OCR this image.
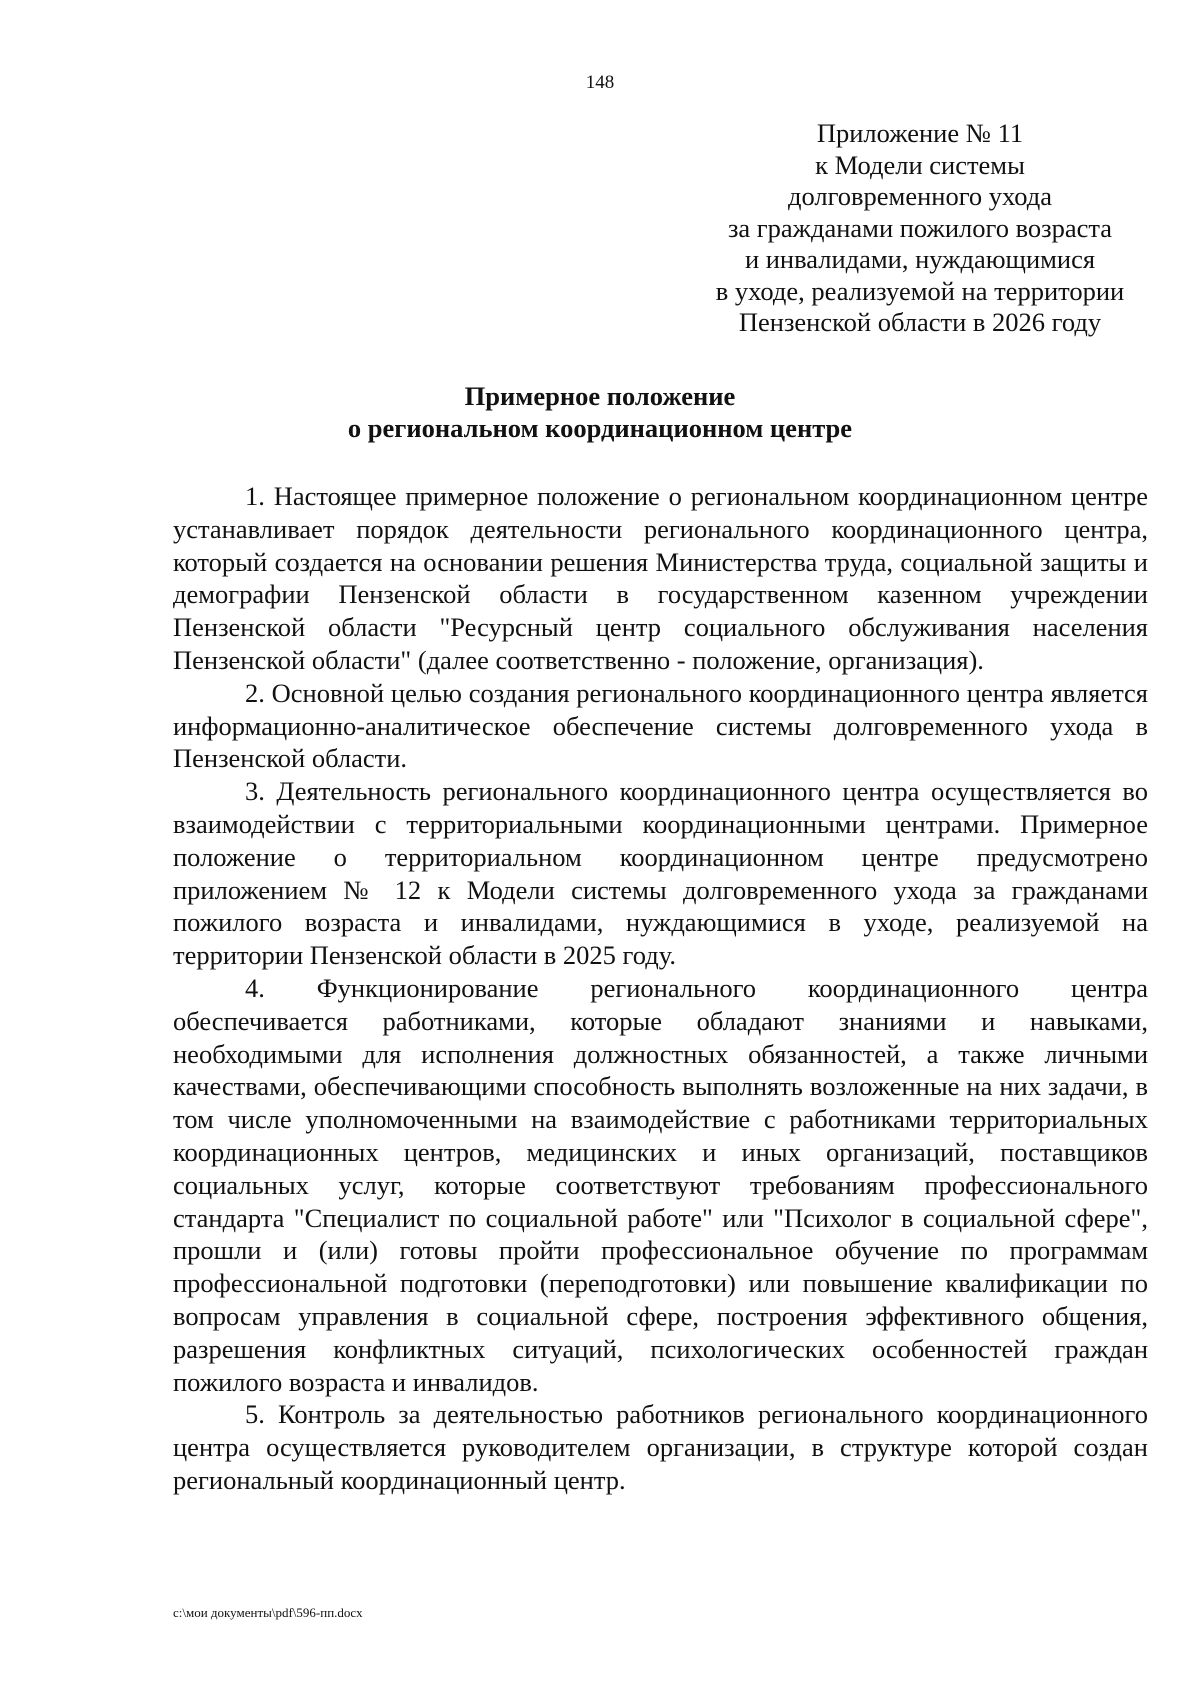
148
Приложение № 11
к Модели системы
долговременного ухода
за гражданами пожилого возраста
и инвалидами, нуждающимися
в уходе, реализуемой на территории
Пензенской области в 2026 году
Примерное положение
о региональном координационном центре

1. Настоящее примерное положение о региональном координационном центре устанавливает порядок деятельности регионального координационного центра, который создается на основании решения Министерства труда, социальной защиты и демографии Пензенской области в государственном казенном учреждении Пензенской области "Ресурсный центр социального обслуживания населения Пензенской области" (далее соответственно - положение, организация).

2. Основной целью создания регионального координационного центра является информационно-аналитическое обеспечение системы долговременного ухода в Пензенской области.

3. Деятельность регионального координационного центра осуществляется во взаимодействии с территориальными координационными центрами. Примерное положение о территориальном координационном центре предусмотрено приложением № 12 к Модели системы долговременного ухода за гражданами пожилого возраста и инвалидами, нуждающимися в уходе, реализуемой на территории Пензенской области в 2025 году.

4. Функционирование регионального координационного центра обеспечивается работниками, которые обладают знаниями и навыками, необходимыми для исполнения должностных обязанностей, а также личными качествами, обеспечивающими способность выполнять возложенные на них задачи, в том числе уполномоченными на взаимодействие с работниками территориальных координационных центров, медицинских и иных организаций, поставщиков социальных услуг, которые соответствуют требованиям профессионального стандарта "Специалист по социальной работе" или "Психолог в социальной сфере", прошли и (или) готовы пройти профессиональное обучение по программам профессиональной подготовки (переподготовки) или повышение квалификации по вопросам управления в социальной сфере, построения эффективного общения, разрешения конфликтных ситуаций, психологических особенностей граждан пожилого возраста и инвалидов.

5. Контроль за деятельностью работников регионального координационного центра осуществляется руководителем организации, в структуре которой создан региональный координационный центр.

c:\мои документы\pdf\596-пп.docx
